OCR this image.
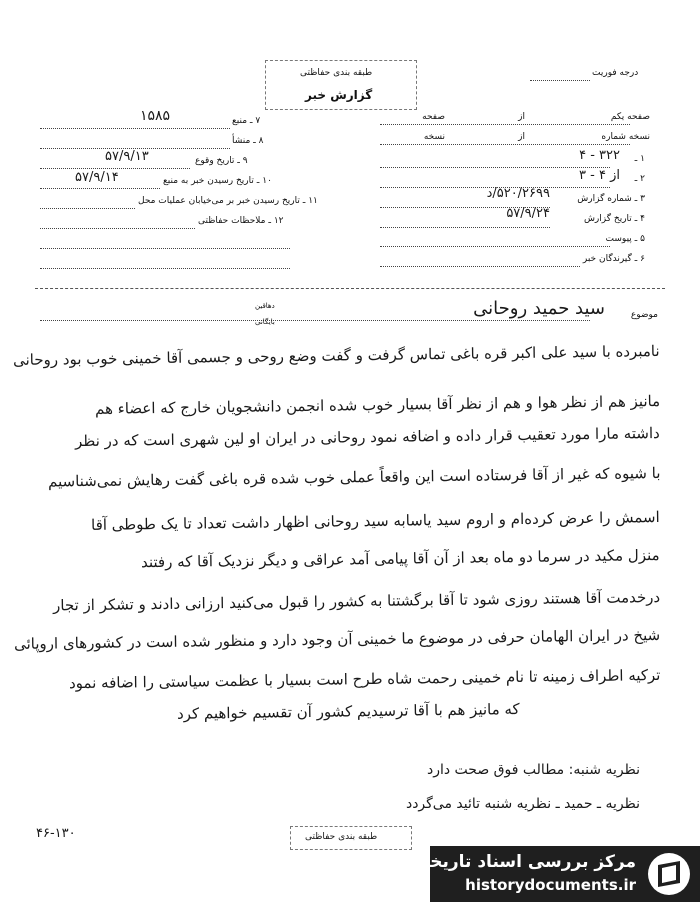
طبقه بندی حفاظتی
گزارش خبر
درجه فوریت
صفحه یکم
از
صفحه
نسخه شماره
از
نسخه
۱ ـ
۳۲۲ - ۴
۲ ـ
از ۴ - ۳
۳ ـ شماره گزارش
۵۲۰/۲۶۹۹/د
۴ ـ تاریخ گزارش
۵۷/۹/۲۴
۵ ـ پیوست
۶ ـ گیرندگان خبر
۷ ـ منبع
۱۵۸۵
۸ ـ منشأ
۹ ـ تاریخ وقوع
۵۷/۹/۱۳
۱۰ ـ تاریخ رسیدن خبر به منبع
۵۷/۹/۱۴
۱۱ ـ تاریخ رسیدن خبر بر می‌خیابان عملیات محل
۱۲ ـ ملاحظات حفاظتی
موضوع
سید حمید روحانی
دهاقین
بایگانی
نامبرده با سید علی اکبر قره باغی تماس گرفت و گفت وضع روحی و جسمی آقا خمینی خوب بود روحانی
مانیز هم از نظر هوا و هم از نظر آقا بسیار خوب شده انجمن دانشجویان خارج که اعضاء هم
داشته مارا مورد تعقیب قرار داده و اضافه نمود روحانی در ایران او لین شهری است که در نظر
با شیوه که غیر از آقا فرستاده است این واقعاً عملی خوب شده قره باغی گفت رهایش نمی‌شناسیم
اسمش را عرض کرده‌ام و اروم سید یاسابه سید روحانی اظهار داشت تعداد تا یک طوطی آقا
منزل مکید در سرما دو ماه بعد از آن آقا پیامی آمد عراقی و دیگر نزدیک آقا که رفتند
درخدمت آقا هستند روزی شود تا آقا برگشتنا به کشور را قبول می‌کنید ارزانی دادند و تشکر از تجار
شیخ در ایران الهامان حرفی در موضوع ما خمینی آن وجود دارد و منظور شده است در کشورهای اروپائی
ترکیه اطراف زمینه تا نام خمینی رحمت شاه طرح است بسیار با عظمت سیاستی را اضافه نمود
که مانیز هم با آقا ترسیدیم کشور آن تقسیم خواهیم کرد
نظریه شنبه: مطالب فوق صحت دارد
نظریه ـ حمید ـ نظریه شنبه تائید می‌گردد
۴۶-۱۳۰	طبقه بندی حفاظتی
مرکز بررسی اسناد تاریخی
historydocuments.ir
